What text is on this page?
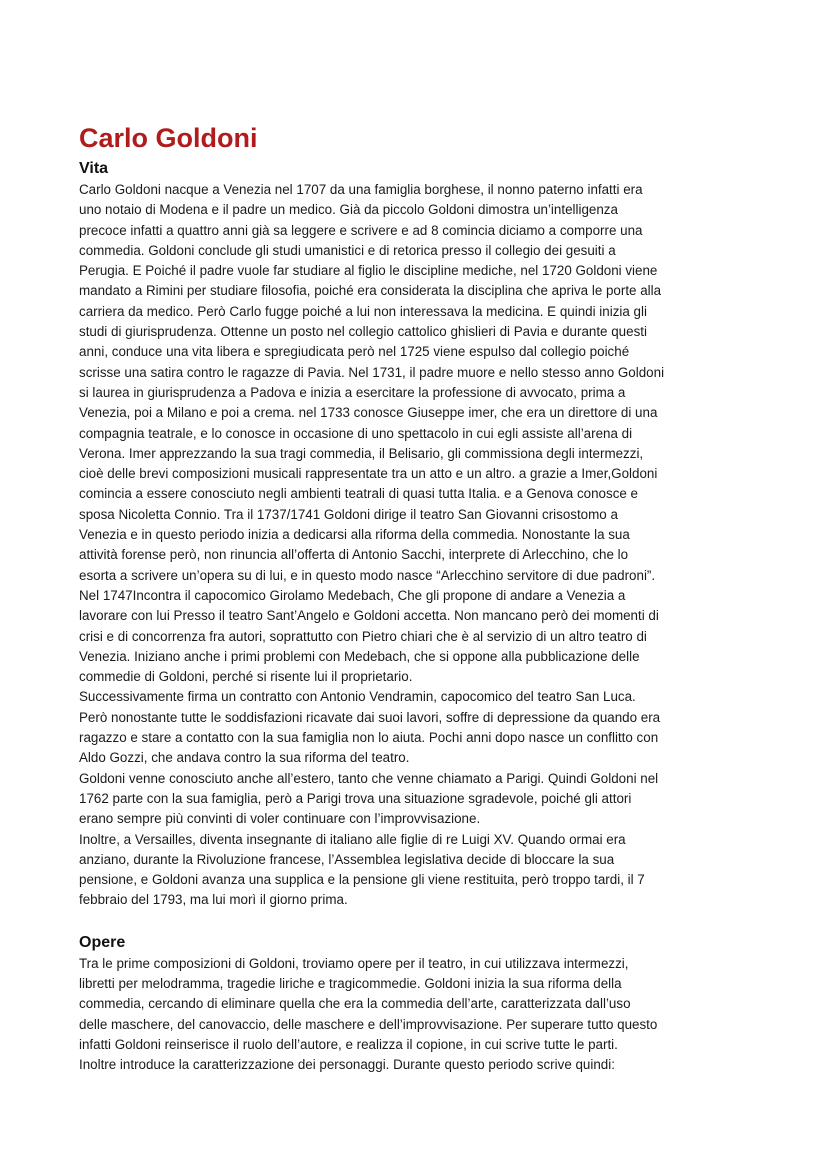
Carlo Goldoni
Vita

Carlo Goldoni nacque a Venezia nel 1707 da una famiglia borghese, il nonno paterno infatti era

uno notaio di Modena e il padre un medico. Già da piccolo Goldoni dimostra un’intelligenza

precoce infatti a quattro anni già sa leggere e scrivere e ad 8 comincia diciamo a comporre una

commedia. Goldoni conclude gli studi umanistici e di retorica presso il collegio dei gesuiti a

Perugia. E Poiché il padre vuole far studiare al figlio le discipline mediche, nel 1720 Goldoni viene

mandato a Rimini per studiare filosofia, poiché era considerata la disciplina che apriva le porte alla

carriera da medico. Però Carlo fugge poiché a lui non interessava la medicina. E quindi inizia gli

studi di giurisprudenza. Ottenne un posto nel collegio cattolico ghislieri di Pavia e durante questi

anni, conduce una vita libera e spregiudicata però nel 1725 viene espulso dal collegio poiché

scrisse una satira contro le ragazze di Pavia. Nel 1731, il padre muore e nello stesso anno Goldoni

si laurea in giurisprudenza a Padova e inizia a esercitare la professione di avvocato, prima a

Venezia, poi a Milano e poi a crema. nel 1733 conosce Giuseppe imer, che era un direttore di una

compagnia teatrale, e lo conosce in occasione di uno spettacolo in cui egli assiste all’arena di

Verona. Imer apprezzando la sua tragi commedia, il Belisario, gli commissiona degli intermezzi,

cioè delle brevi composizioni musicali rappresentate tra un atto e un altro. a grazie a Imer,Goldoni

comincia a essere conosciuto negli ambienti teatrali di quasi tutta Italia. e a Genova conosce e

sposa Nicoletta Connio. Tra il 1737/1741 Goldoni dirige il teatro San Giovanni crisostomo a

Venezia e in questo periodo inizia a dedicarsi alla riforma della commedia. Nonostante la sua

attività forense però, non rinuncia all’offerta di Antonio Sacchi, interprete di Arlecchino, che lo

esorta a scrivere un’opera su di lui, e in questo modo nasce “Arlecchino servitore di due padroni”.

Nel 1747Incontra il capocomico Girolamo Medebach, Che gli propone di andare a Venezia a

lavorare con lui Presso il teatro Sant’Angelo e Goldoni accetta. Non mancano però dei momenti di

crisi e di concorrenza fra autori, soprattutto con Pietro chiari che è al servizio di un altro teatro di

Venezia. Iniziano anche i primi problemi con Medebach, che si oppone alla pubblicazione delle

commedie di Goldoni, perché si risente lui il proprietario.

Successivamente firma un contratto con Antonio Vendramin, capocomico del teatro San Luca.

Però nonostante tutte le soddisfazioni ricavate dai suoi lavori, soffre di depressione da quando era

ragazzo e stare a contatto con la sua famiglia non lo aiuta. Pochi anni dopo nasce un conflitto con

Aldo Gozzi, che andava contro la sua riforma del teatro.

Goldoni venne conosciuto anche all’estero, tanto che venne chiamato a Parigi. Quindi Goldoni nel

1762 parte con la sua famiglia, però a Parigi trova una situazione sgradevole, poiché gli attori

erano sempre più convinti di voler continuare con l’improvvisazione.

Inoltre, a Versailles, diventa insegnante di italiano alle figlie di re Luigi XV. Quando ormai era

anziano, durante la Rivoluzione francese, l’Assemblea legislativa decide di bloccare la sua

pensione, e Goldoni avanza una supplica e la pensione gli viene restituita, però troppo tardi, il 7

febbraio del 1793, ma lui morì il giorno prima.

Opere

Tra le prime composizioni di Goldoni, troviamo opere per il teatro, in cui utilizzava intermezzi,

libretti per melodramma, tragedie liriche e tragicommedie. Goldoni inizia la sua riforma della

commedia, cercando di eliminare quella che era la commedia dell’arte, caratterizzata dall’uso

delle maschere, del canovaccio, delle maschere e dell’improvvisazione. Per superare tutto questo

infatti Goldoni reinserisce il ruolo dell’autore, e realizza il copione, in cui scrive tutte le parti.

Inoltre introduce la caratterizzazione dei personaggi. Durante questo periodo scrive quindi:
